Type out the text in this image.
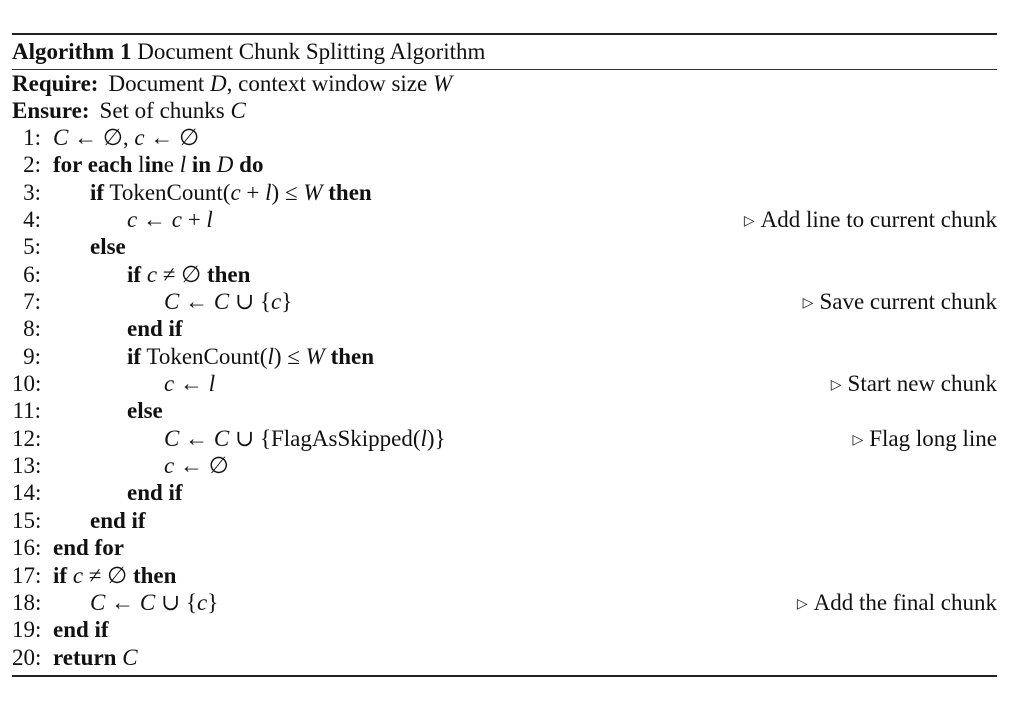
Algorithm 1 Document Chunk Splitting Algorithm
Require: Document D, context window size W
Ensure: Set of chunks C
1: C ← ∅, c ← ∅
2: for each line l in D do
3: if TokenCount(c + l) ≤ W then
4:	c ← c + l	▷ Add line to current chunk
5: else
6:	if c ≠ ∅ then
7:	C ← C ∪ {c}	▷ Save current chunk
8:	end if
9:	if TokenCount(l) ≤ W then
10:	c ← l	▷ Start new chunk
11:	else
12:	C ← C ∪ {FlagAsSkipped(l)}	▷ Flag long line
13:	c ← ∅
14:	end if
15: end if
16: end for
17: if c ≠ ∅ then
18: C ← C ∪ {c}	▷ Add the final chunk
19: end if
20: return C
